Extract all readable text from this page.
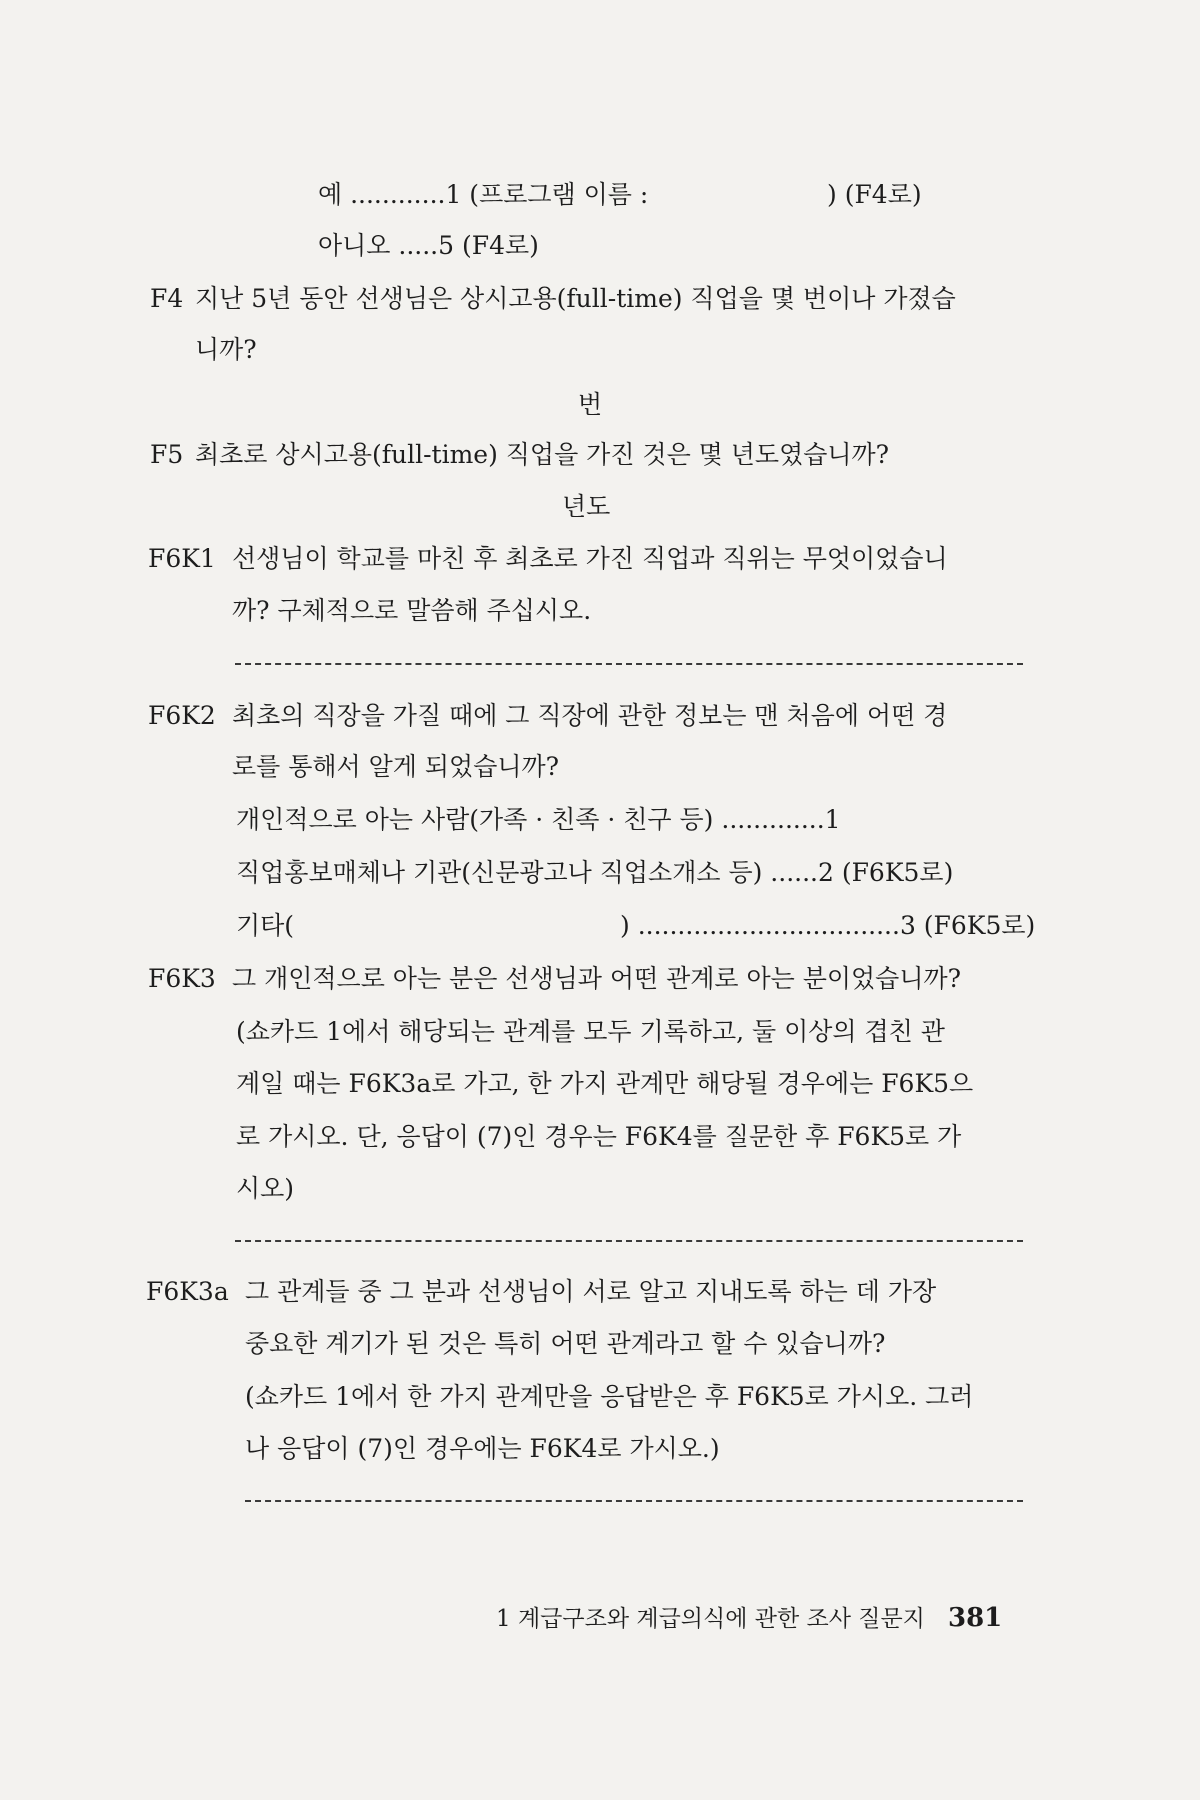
예 ............1 (프로그램 이름 :	) (F4로)
아니오 .....5 (F4로)
F4 지난 5년 동안 선생님은 상시고용(full-time) 직업을 몇 번이나 가졌습
니까?
번
F5 최초로 상시고용(full-time) 직업을 가진 것은 몇 년도였습니까?
년도
F6K1 선생님이 학교를 마친 후 최초로 가진 직업과 직위는 무엇이었습니
까? 구체적으로 말씀해 주십시오.
F6K2 최초의 직장을 가질 때에 그 직장에 관한 정보는 맨 처음에 어떤 경
로를 통해서 알게 되었습니까?
개인적으로 아는 사람(가족 · 친족 · 친구 등) .............1
직업홍보매체나 기관(신문광고나 직업소개소 등) ......2 (F6K5로)
기타(	) .................................3 (F6K5로)
F6K3 그 개인적으로 아는 분은 선생님과 어떤 관계로 아는 분이었습니까?
(쇼카드 1에서 해당되는 관계를 모두 기록하고, 둘 이상의 겹친 관
계일 때는 F6K3a로 가고, 한 가지 관계만 해당될 경우에는 F6K5으
로 가시오. 단, 응답이 (7)인 경우는 F6K4를 질문한 후 F6K5로 가
시오)
F6K3a 그 관계들 중 그 분과 선생님이 서로 알고 지내도록 하는 데 가장
중요한 계기가 된 것은 특히 어떤 관계라고 할 수 있습니까?
(쇼카드 1에서 한 가지 관계만을 응답받은 후 F6K5로 가시오. 그러
나 응답이 (7)인 경우에는 F6K4로 가시오.)
1 계급구조와 계급의식에 관한 조사 질문지 381
